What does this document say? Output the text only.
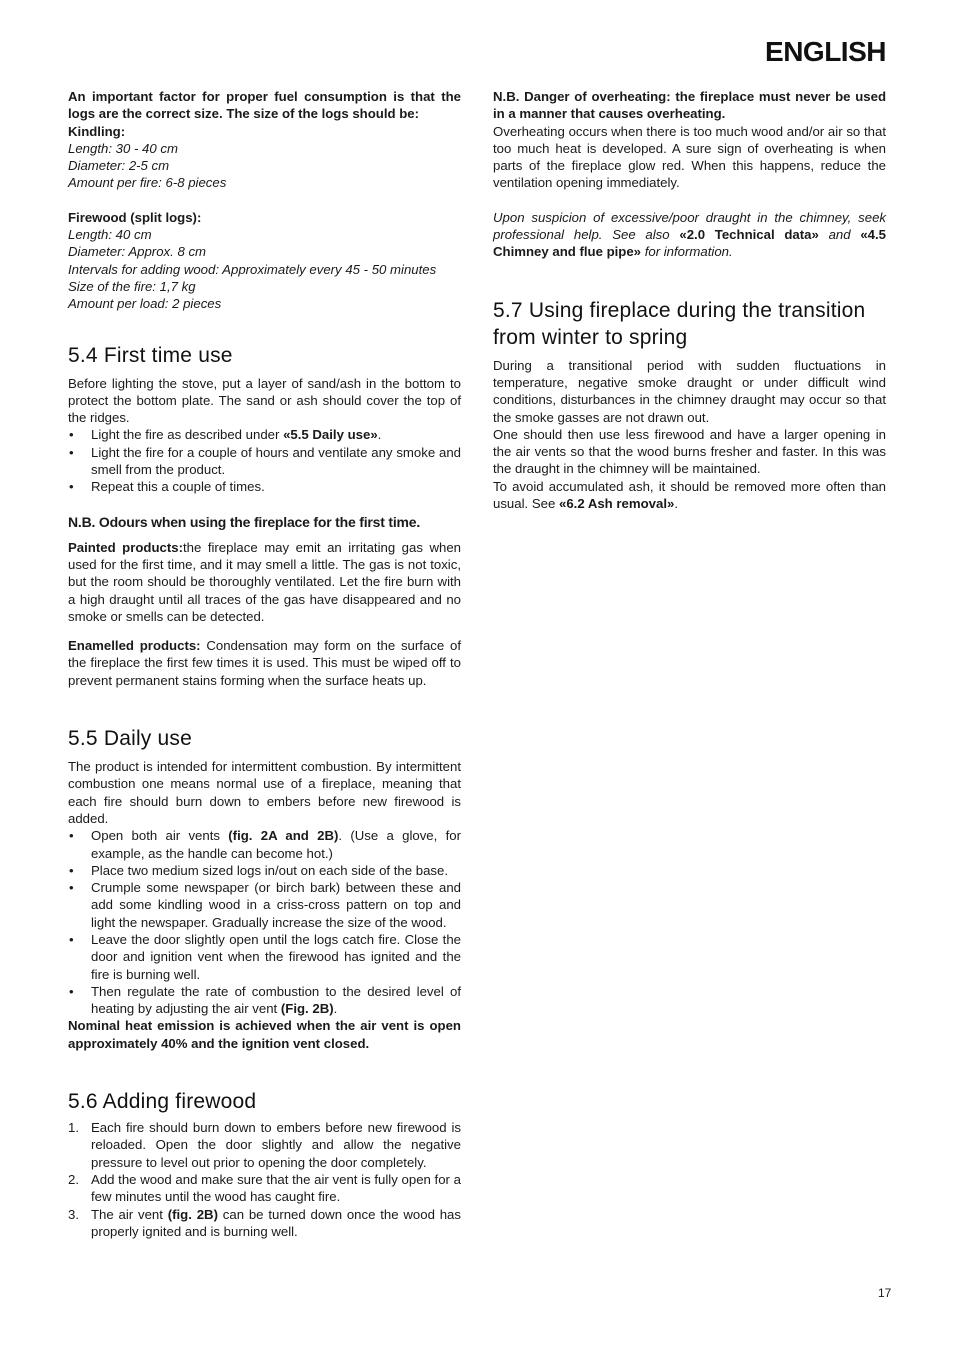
ENGLISH

An important factor for proper fuel consumption is that the logs are the correct size. The size of the logs should be:

Kindling:

Length: 30 - 40 cm

Diameter: 2-5 cm

Amount per fire: 6-8 pieces

Firewood (split logs):

Length: 40 cm

Diameter: Approx. 8 cm

Intervals for adding wood: Approximately every 45 - 50 minutes

Size of the fire: 1,7 kg

Amount per load: 2 pieces

5.4 First time use

Before lighting the stove, put a layer of sand/ash in the bottom to protect the bottom plate. The sand or ash should cover the top of the ridges.

• Light the fire as described under «5.5 Daily use».
• Light the fire for a couple of hours and ventilate any smoke and smell from the product.
• Repeat this a couple of times.
N.B. Odours when using the fireplace for the first time.

Painted products:the fireplace may emit an irritating gas when used for the first time, and it may smell a little. The gas is not toxic, but the room should be thoroughly ventilated. Let the fire burn with a high draught until all traces of the gas have disappeared and no smoke or smells can be detected.

Enamelled products: Condensation may form on the surface of the fireplace the first few times it is used. This must be wiped off to prevent permanent stains forming when the surface heats up.

5.5 Daily use

The product is intended for intermittent combustion. By intermittent combustion one means normal use of a fireplace, meaning that each fire should burn down to embers before new firewood is added.

• Open both air vents (fig. 2A and 2B). (Use a glove, for example, as the handle can become hot.)
• Place two medium sized logs in/out on each side of the base.
• Crumple some newspaper (or birch bark) between these and add some kindling wood in a criss-cross pattern on top and light the newspaper. Gradually increase the size of the wood.
• Leave the door slightly open until the logs catch fire. Close the door and ignition vent when the firewood has ignited and the fire is burning well.
• Then regulate the rate of combustion to the desired level of heating by adjusting the air vent (Fig. 2B).

Nominal heat emission is achieved when the air vent is open approximately 40% and the ignition vent closed.

5.6 Adding firewood
1. Each fire should burn down to embers before new firewood is reloaded. Open the door slightly and allow the negative pressure to level out prior to opening the door completely.
2. Add the wood and make sure that the air vent is fully open for a few minutes until the wood has caught fire.
3. The air vent (fig. 2B) can be turned down once the wood has properly ignited and is burning well.

N.B. Danger of overheating: the fireplace must never be used in a manner that causes overheating.

Overheating occurs when there is too much wood and/or air so that too much heat is developed. A sure sign of overheating is when parts of the fireplace glow red. When this happens, reduce the ventilation opening immediately.

Upon suspicion of excessive/poor draught in the chimney, seek professional help. See also «2.0 Technical data» and «4.5 Chimney and flue pipe» for information.

5.7 Using fireplace during the transition from winter to spring

During a transitional period with sudden fluctuations in temperature, negative smoke draught or under difficult wind conditions, disturbances in the chimney draught may occur so that the smoke gasses are not drawn out.

One should then use less firewood and have a larger opening in the air vents so that the wood burns fresher and faster. In this was the draught in the chimney will be maintained.

To avoid accumulated ash, it should be removed more often than usual. See «6.2 Ash removal».

17
